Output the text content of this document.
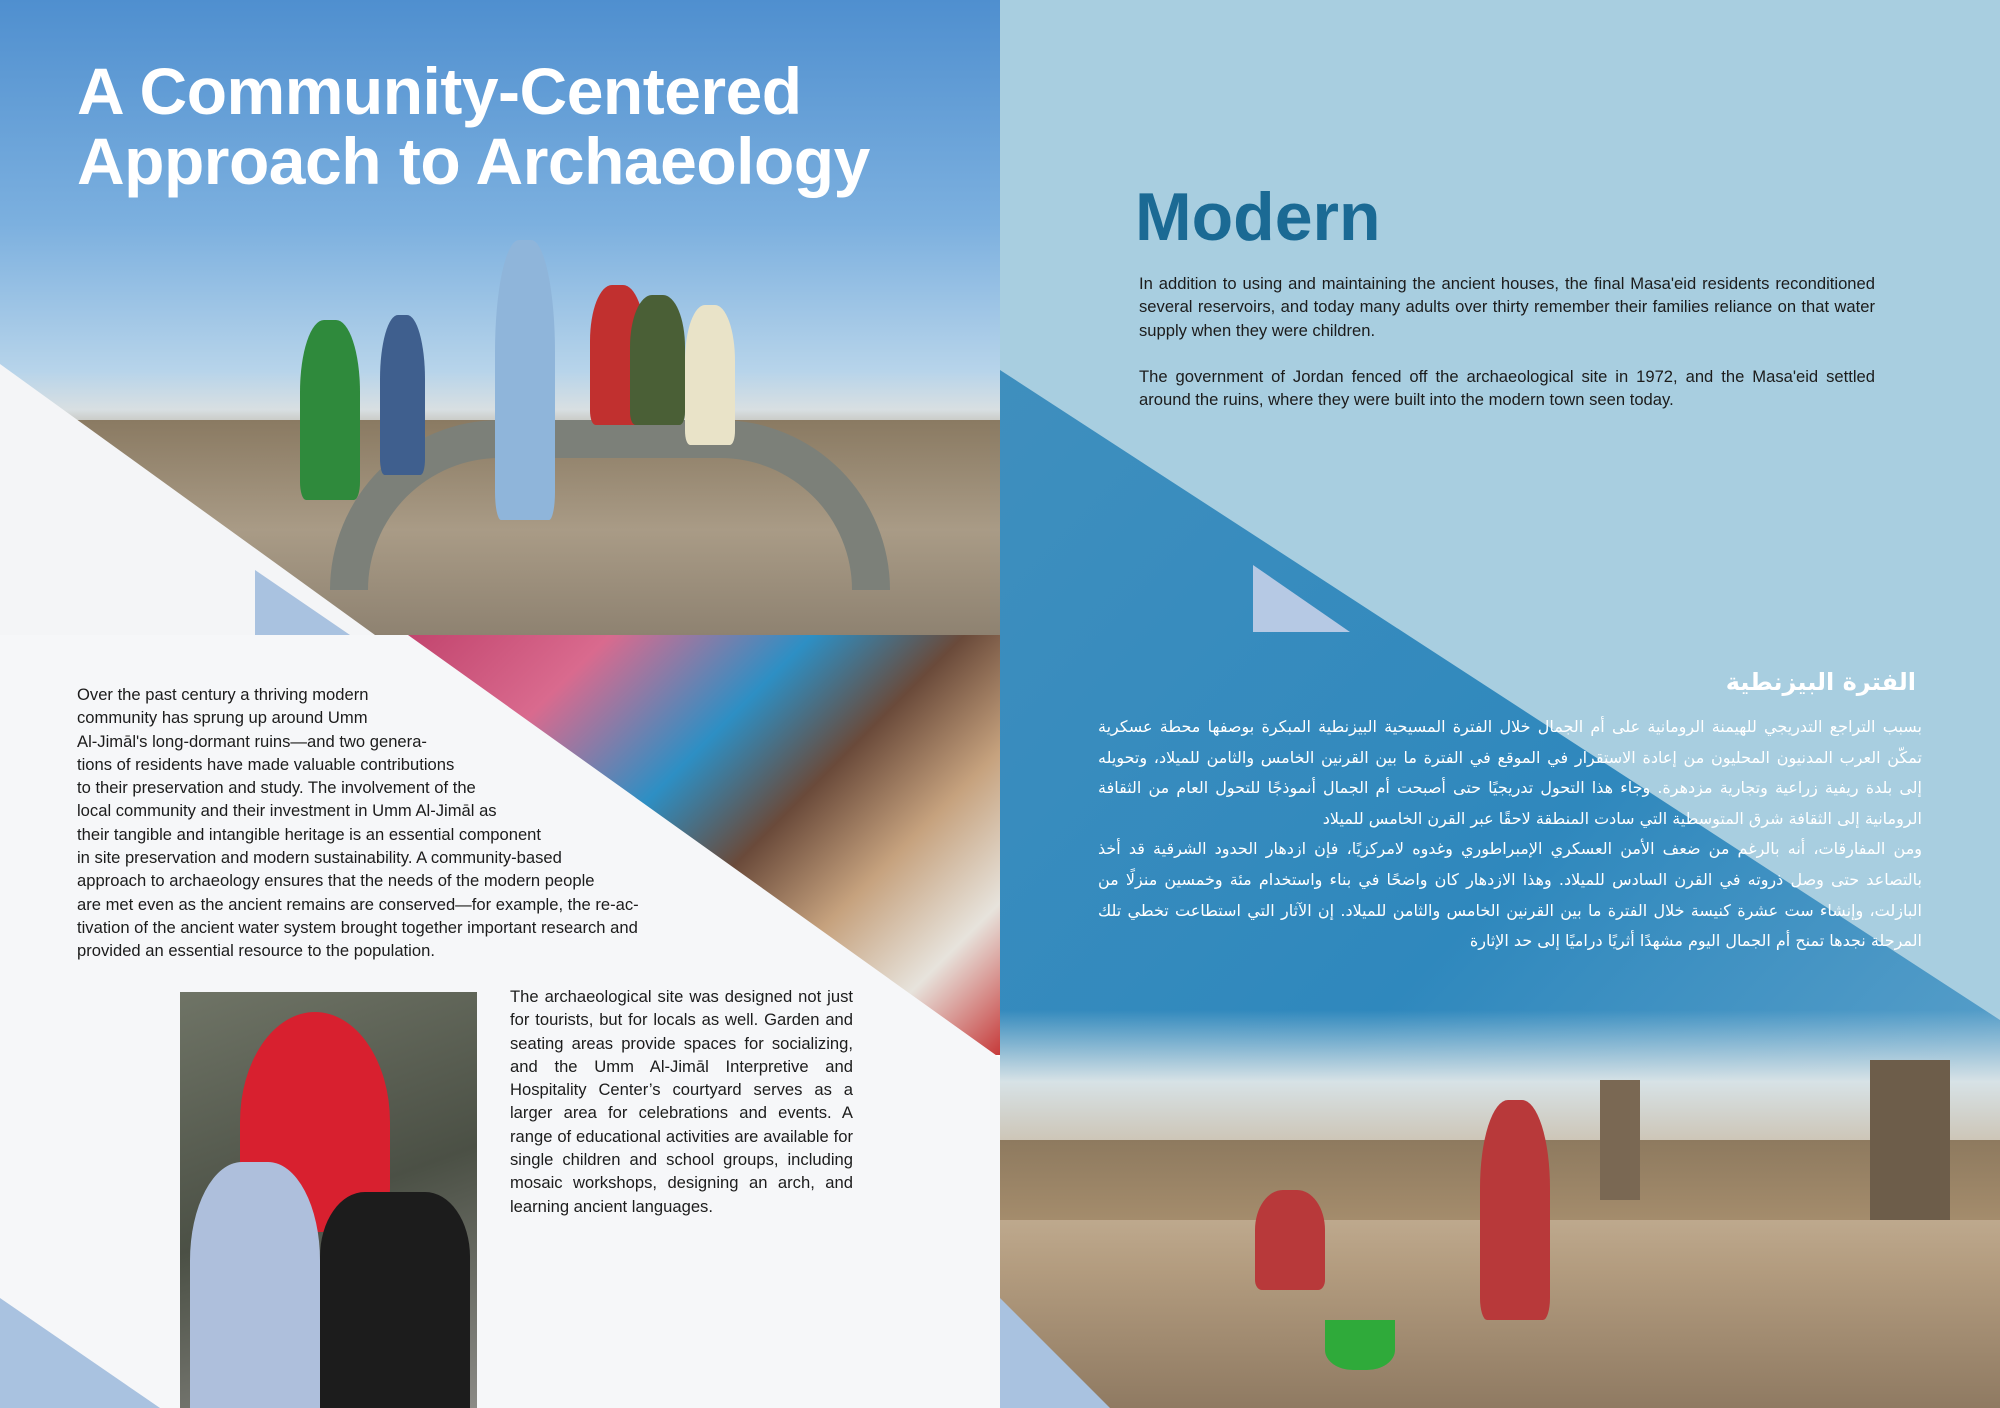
A Community-Centered
Approach to Archaeology
Over the past century a thriving modern
community has sprung up around Umm
Al-Jimāl's long-dormant ruins—and two genera-
tions of residents have made valuable contributions
to their preservation and study. The involvement of the
local community and their investment in Umm Al-Jimāl as
their tangible and intangible heritage is an essential component
in site preservation and modern sustainability. A community-based
approach to archaeology ensures that the needs of the modern people
are met even as the ancient remains are conserved—for example, the re-ac-
tivation of the ancient water system brought together important research and
provided an essential resource to the population.
The archaeological site was designed not just for tourists, but for locals as well. Garden and seating areas provide spaces for socializing, and the Umm Al-Jimāl Interpretive and Hospitality Center’s courtyard serves as a larger area for celebrations and events. A range of educational activities are available for single children and school groups, including mosaic workshops, designing an arch, and learning ancient languages.
Modern

In addition to using and maintaining the ancient houses, the final Masa'eid residents reconditioned several reservoirs, and today many adults over thirty remember their families reliance on that water supply when they were children.

The government of Jordan fenced off the archaeological site in 1972, and the Masa'eid settled around the ruins, where they were built into the modern town seen today.

الفترة البيزنطية

بسبب التراجع التدريجي للهيمنة الرومانية على أم الجمال خلال الفترة المسيحية البيزنطية المبكرة بوصفها محطة عسكرية تمكّن العرب المدنيون المحليون من إعادة الاستقرار في الموقع في الفترة ما بين القرنين الخامس والثامن للميلاد، وتحويله إلى بلدة ريفية زراعية وتجارية مزدهرة. وجاء هذا التحول تدريجيًا حتى أصبحت أم الجمال أنموذجًا للتحول العام من الثقافة الرومانية إلى الثقافة شرق المتوسطية التي سادت المنطقة لاحقًا عبر القرن الخامس للميلاد

ومن المفارقات، أنه بالرغم من ضعف الأمن العسكري الإمبراطوري وغدوه لامركزيًا، فإن ازدهار الحدود الشرقية قد أخذ بالتصاعد حتى وصل ذروته في القرن السادس للميلاد. وهذا الازدهار كان واضحًا في بناء واستخدام مئة وخمسين منزلًا من البازلت، وإنشاء ست عشرة كنيسة خلال الفترة ما بين القرنين الخامس والثامن للميلاد. إن الآثار التي استطاعت تخطي تلك المرحلة نجدها تمنح أم الجمال اليوم مشهدًا أثريًا دراميًا إلى حد الإثارة
